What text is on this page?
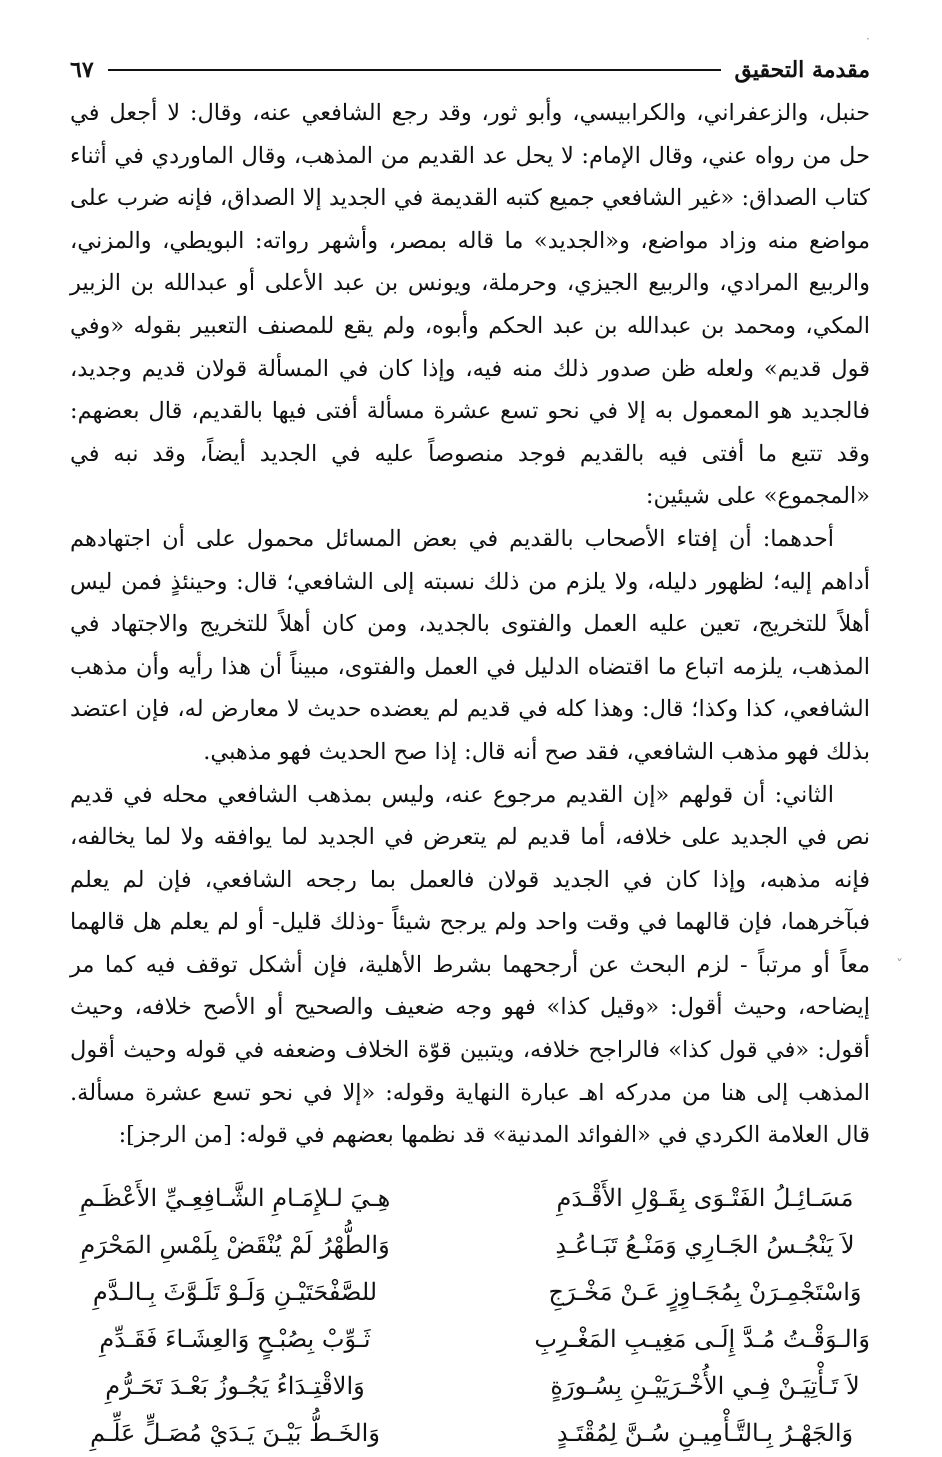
·
ˇ
مقدمة التحقيق
٦٧

حنبل، والزعفراني، والكرابيسي، وأبو ثور، وقد رجع الشافعي عنه، وقال: لا أجعل في حل من رواه عني، وقال الإمام: لا يحل عد القديم من المذهب، وقال الماوردي في أثناء كتاب الصداق: «غير الشافعي جميع كتبه القديمة في الجديد إلا الصداق، فإنه ضرب على مواضع منه وزاد مواضع، و«الجديد» ما قاله بمصر، وأشهر رواته: البويطي، والمزني، والربيع المرادي، والربيع الجيزي، وحرملة، ويونس بن عبد الأعلى أو عبدالله بن الزبير المكي، ومحمد بن عبدالله بن عبد الحكم وأبوه، ولم يقع للمصنف التعبير بقوله «وفي قول قديم» ولعله ظن صدور ذلك منه فيه، وإذا كان في المسألة قولان قديم وجديد، فالجديد هو المعمول به إلا في نحو تسع عشرة مسألة أفتى فيها بالقديم، قال بعضهم: وقد تتبع ما أفتى فيه بالقديم فوجد منصوصاً عليه في الجديد أيضاً، وقد نبه في «المجموع» على شيئين:

أحدهما: أن إفتاء الأصحاب بالقديم في بعض المسائل محمول على أن اجتهادهم أداهم إليه؛ لظهور دليله، ولا يلزم من ذلك نسبته إلى الشافعي؛ قال: وحينئذٍ فمن ليس أهلاً للتخريج، تعين عليه العمل والفتوى بالجديد، ومن كان أهلاً للتخريج والاجتهاد في المذهب، يلزمه اتباع ما اقتضاه الدليل في العمل والفتوى، مبيناً أن هذا رأيه وأن مذهب الشافعي، كذا وكذا؛ قال: وهذا كله في قديم لم يعضده حديث لا معارض له، فإن اعتضد بذلك فهو مذهب الشافعي، فقد صح أنه قال: إذا صح الحديث فهو مذهبي.

الثاني: أن قولهم «إن القديم مرجوع عنه، وليس بمذهب الشافعي محله في قديم نص في الجديد على خلافه، أما قديم لم يتعرض في الجديد لما يوافقه ولا لما يخالفه، فإنه مذهبه، وإذا كان في الجديد قولان فالعمل بما رجحه الشافعي، فإن لم يعلم فبآخرهما، فإن قالهما في وقت واحد ولم يرجح شيئاً -وذلك قليل- أو لم يعلم هل قالهما معاً أو مرتباً - لزم البحث عن أرجحهما بشرط الأهلية، فإن أشكل توقف فيه كما مر إيضاحه، وحيث أقول: «وقيل كذا» فهو وجه ضعيف والصحيح أو الأصح خلافه، وحيث أقول: «في قول كذا» فالراجح خلافه، ويتبين قوّة الخلاف وضعفه في قوله وحيث أقول المذهب إلى هنا من مدركه اهـ عبارة النهاية وقوله: «إلا في نحو تسع عشرة مسألة. قال العلامة الكردي في «الفوائد المدنية» قد نظمها بعضهم في قوله: [من الرجز]:

مَسَـائِـلُ الفَتْـوَى بِقَـوْلِ الأَقْـدَمِ
هِـيَ لـلإِمَـامِ الشَّـافِعِـيِّ الأَعْظَـمِ
لاَ يَنْجُـسُ الجَـارِي وَمَنْـعُ تَبَـاعُـدِ
وَالطُّهْرُ لَمْ يُنْقَضْ بِلَمْسِ المَحْرَمِ
وَاسْتَجْمِـرَنْ بِمُجَـاوِزٍ عَـنْ مَخْـرَجِ
للصَّفْحَتَيْـنِ وَلَـوْ تَلَـوَّثَ بِـالـدَّمِ
وَالـوَقْـتُ مُـدَّ إِلَـى مَغِيـبِ المَغْـرِبِ
ثَـوِّبْ بِصُبْـحٍ وَالعِشَـاءَ فَقَـدِّمِ
لاَ تَـأْتِيَـنْ فِـي الأُخْـرَيَيْـنِ بِسُـورَةٍ
وَالاقْتِـدَاءُ يَجُـوزُ بَعْـدَ تَحَـرُّمِ
وَالجَهْـرُ بِـالتَّـأْمِيـنِ سُـنَّ لِمُقْتَـدٍ
وَالخَـطُّ بَيْـنَ يَـدَيْ مُصَـلٍّ عَلِّـمِ
